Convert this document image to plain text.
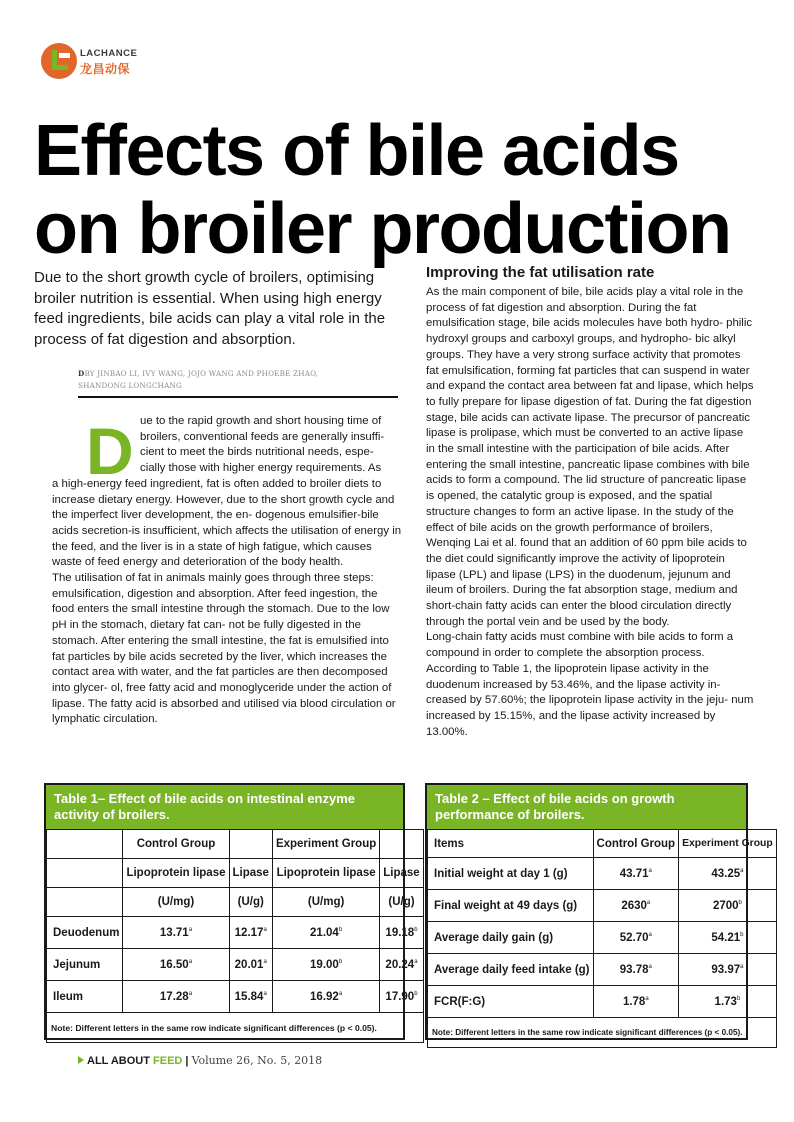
LACHANCE
龙昌动保
Effects of bile acids
on broiler production

Due to the short growth cycle of broilers, optimising broiler nutrition is essential. When using high energy feed ingredients, bile acids can play a vital role in the process of fat digestion and absorption.

DBY JINBAO LI, IVY WANG, JOJO WANG AND PHOEBE ZHAO,
SHANDONG LONGCHANG
D ue to the rapid growth and short housing time of
broilers, conventional feeds are generally insuffi-
cient to meet the birds nutritional needs, espe-
cially those with higher energy requirements. As
a high-energy feed ingredient, fat is often added to broiler diets to increase dietary energy. However, due to the short growth cycle and the imperfect liver development, the en- dogenous emulsifier-bile acids secretion-is insufficient, which affects the utilisation of energy in the feed, and the liver is in a state of high fatigue, which causes waste of feed energy and deterioration of the body health.

The utilisation of fat in animals mainly goes through three steps: emulsification, digestion and absorption. After feed ingestion, the food enters the small intestine through the stomach. Due to the low pH in the stomach, dietary fat can- not be fully digested in the stomach. After entering the small intestine, the fat is emulsified into fat particles by bile acids secreted by the liver, which increases the contact area with water, and the fat particles are then decomposed into glycer- ol, free fatty acid and monoglyceride under the action of lipase. The fatty acid is absorbed and utilised via blood circulation or lymphatic circulation.

Improving the fat utilisation rate

As the main component of bile, bile acids play a vital role in the process of fat digestion and absorption. During the fat emulsification stage, bile acids molecules have both hydro- philic hydroxyl groups and carboxyl groups, and hydropho- bic alkyl groups. They have a very strong surface activity that promotes fat emulsification, forming fat particles that can suspend in water and expand the contact area between fat and lipase, which helps to fully prepare for lipase digestion of fat. During the fat digestion stage, bile acids can activate lipase. The precursor of pancreatic lipase is prolipase, which must be converted to an active lipase in the small intestine with the participation of bile acids. After entering the small intestine, pancreatic lipase combines with bile acids to form a compound. The lid structure of pancreatic lipase is opened, the catalytic group is exposed, and the spatial structure changes to form an active lipase. In the study of the effect of bile acids on the growth performance of broilers, Wenqing Lai et al. found that an addition of 60 ppm bile acids to the diet could significantly improve the activity of lipoprotein lipase (LPL) and lipase (LPS) in the duodenum, jejunum and ileum of broilers. During the fat absorption stage, medium and short-chain fatty acids can enter the blood circulation directly through the portal vein and be used by the body.

Long-chain fatty acids must combine with bile acids to form a compound in order to complete the absorption process. According to Table 1, the lipoprotein lipase activity in the duodenum increased by 53.46%, and the lipase activity in- creased by 57.60%; the lipoprotein lipase activity in the jeju- num increased by 15.15%, and the lipase activity increased by 13.00%.

Table 1– Effect of bile acids on intestinal enzyme activity of broilers.
	Control Group		Experiment Group	
	Lipoprotein lipase	Lipase	Lipoprotein lipase	Lipase
	(U/mg)	(U/g)	(U/mg)	(U/g)
Deuodenum	13.71$^a$	12.17$^a$	21.04$^b$	19.18$^b$
Jejunum	16.50$^a$	20.01$^a$	19.00$^b$	20.24$^a$
Ileum	17.28$^a$	15.84$^a$	16.92$^a$	17.90$^b$
Note: Different letters in the same row indicate significant differences (p < 0.05).				
Table 2 – Effect of bile acids on growth performance of broilers.
Items	Control Group	Experiment Group
Initial weight at day 1 (g)	43.71$^a$	43.25$^a$
Final weight at 49 days (g)	2630$^a$	2700$^b$
Average daily gain (g)	52.70$^a$	54.21$^b$
Average daily feed intake (g)	93.78$^a$	93.97$^a$
FCR(F:G)	1.78$^a$	1.73$^b$
Note: Different letters in the same row indicate significant differences (p < 0.05).		
ALL ABOUT FEED | Volume 26, No. 5, 2018
